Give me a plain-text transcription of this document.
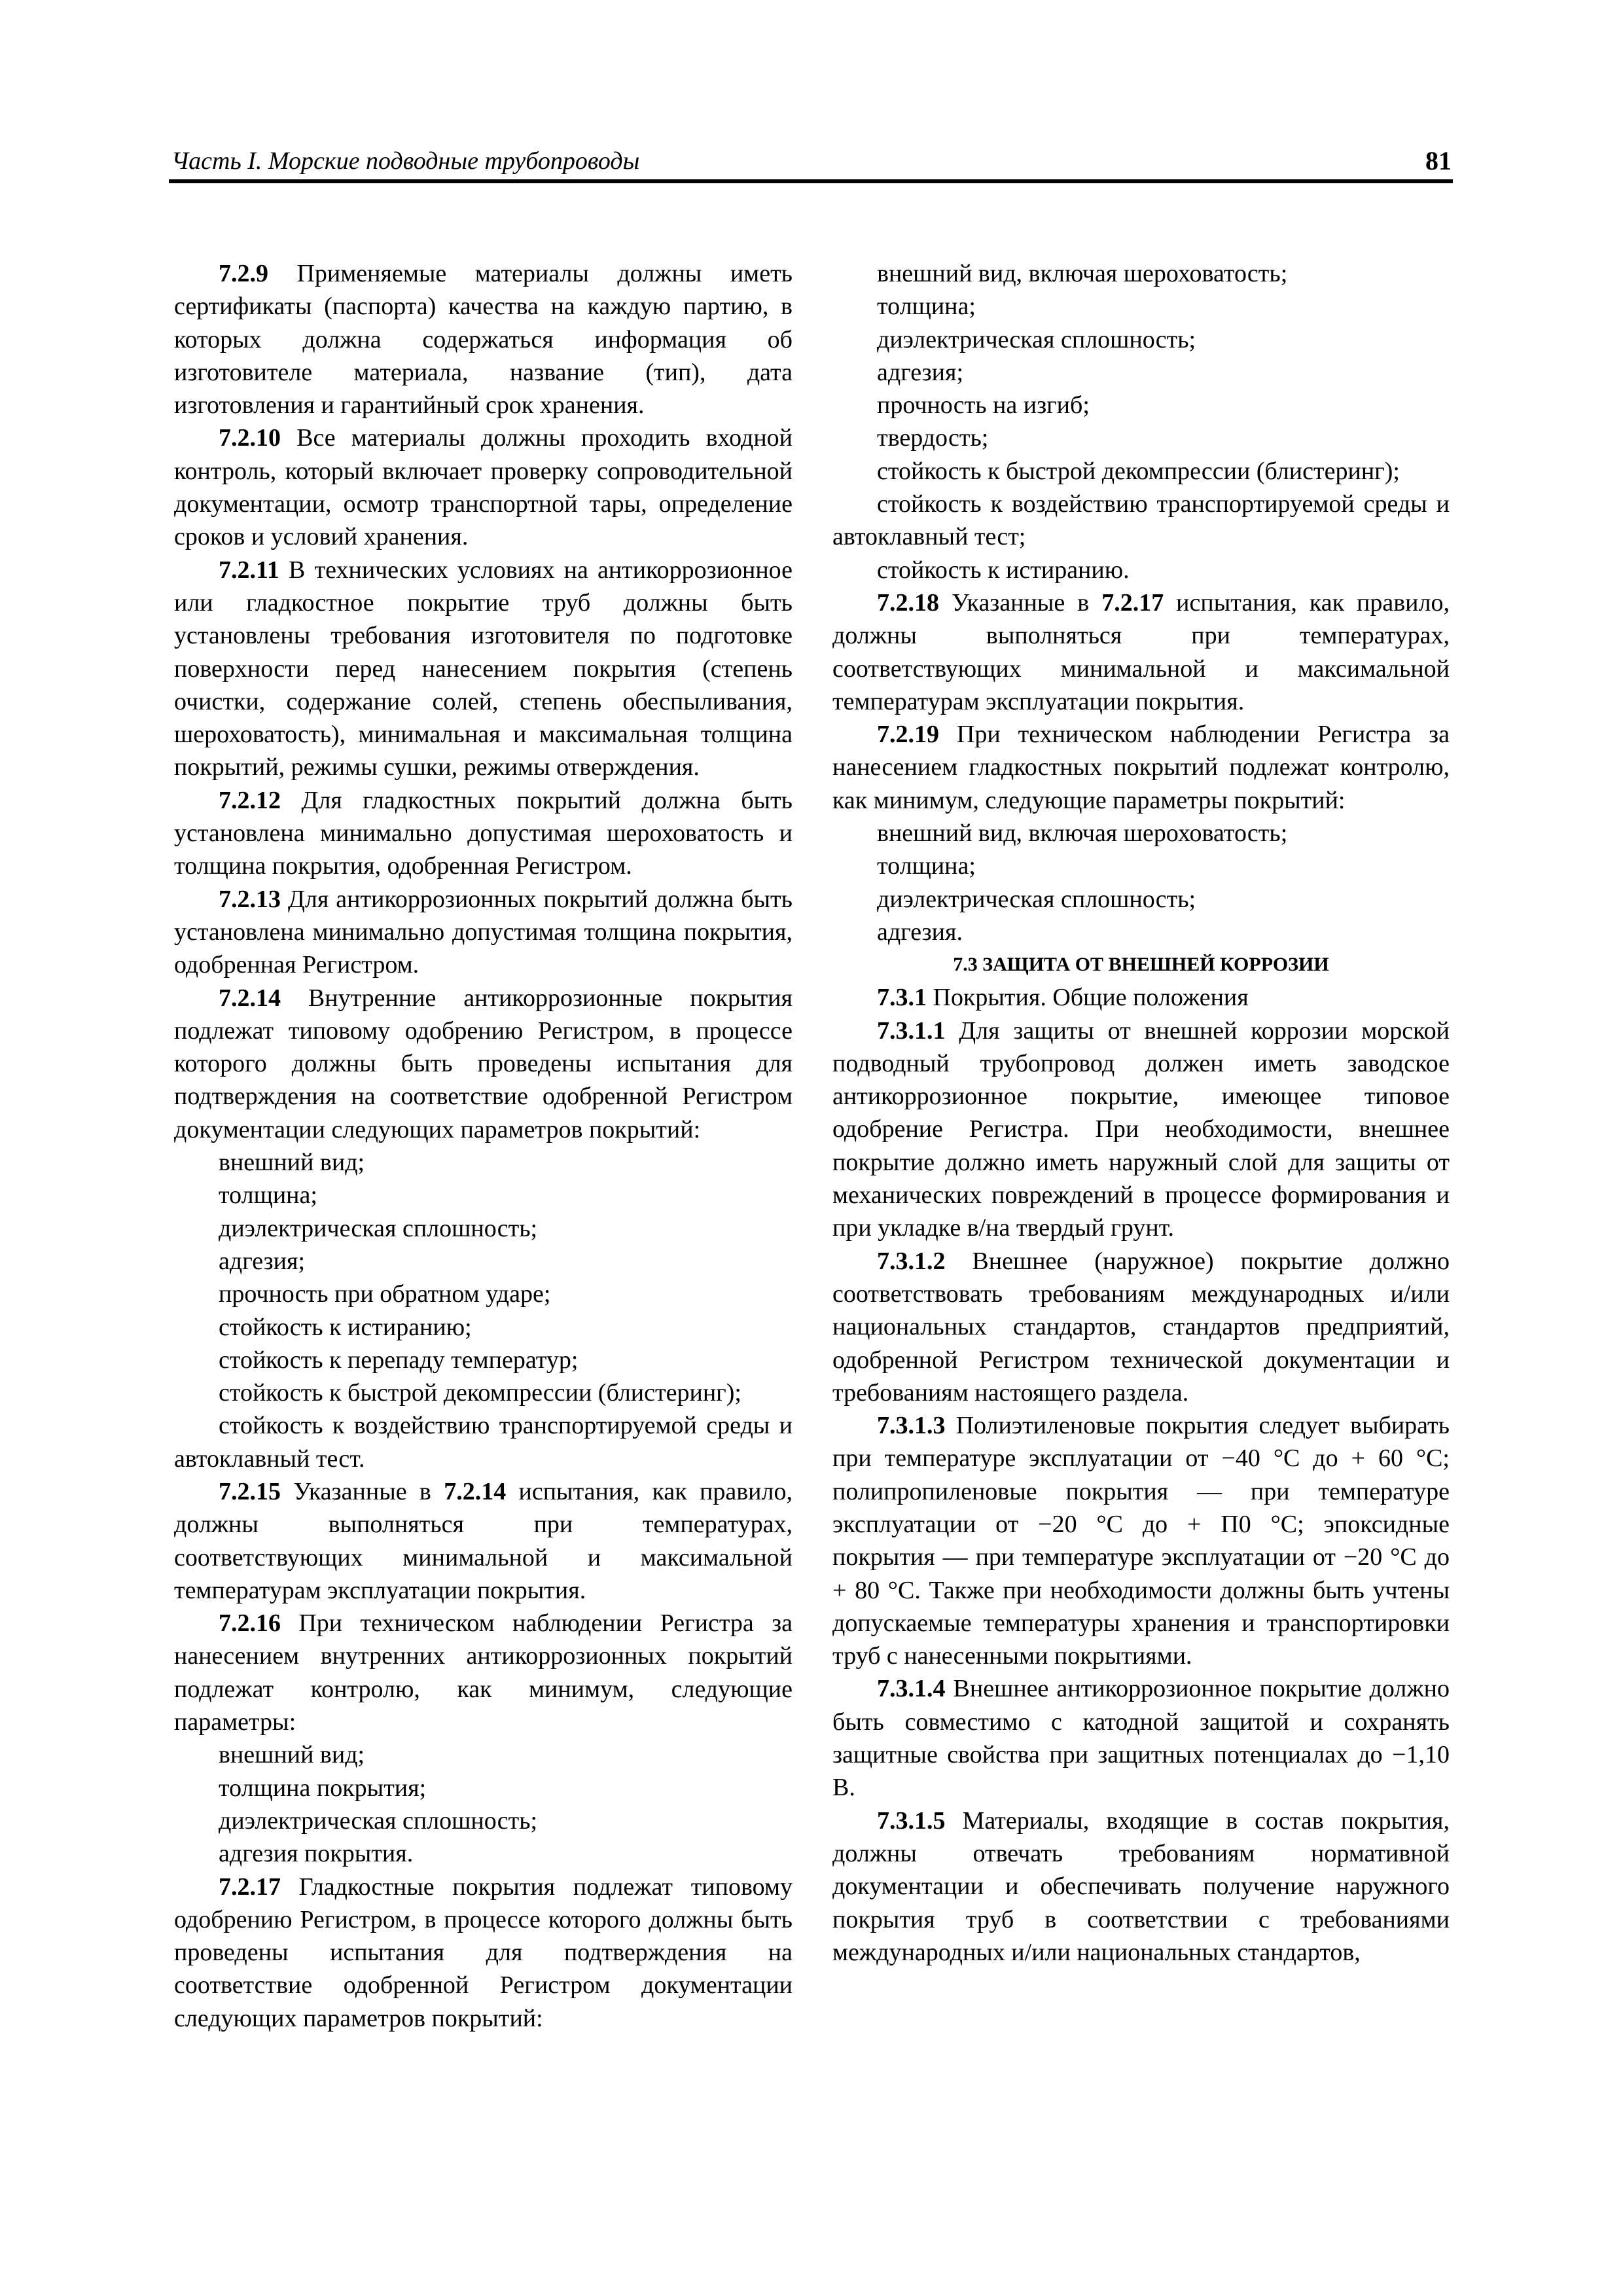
Часть I. Морские подводные трубопроводы	81

7.2.9 Применяемые материалы должны иметь сертификаты (паспорта) качества на каждую партию, в которых должна содержаться информация об изготовителе материала, название (тип), дата изготовления и гарантийный срок хранения.

7.2.10 Все материалы должны проходить входной контроль, который включает проверку сопроводительной документации, осмотр транспортной тары, определение сроков и условий хранения.

7.2.11 В технических условиях на антикоррозионное или гладкостное покрытие труб должны быть установлены требования изготовителя по подготовке поверхности перед нанесением покрытия (степень очистки, содержание солей, степень обеспыливания, шероховатость), минимальная и максимальная толщина покрытий, режимы сушки, режимы отверждения.

7.2.12 Для гладкостных покрытий должна быть установлена минимально допустимая шероховатость и толщина покрытия, одобренная Регистром.

7.2.13 Для антикоррозионных покрытий должна быть установлена минимально допустимая толщина покрытия, одобренная Регистром.

7.2.14 Внутренние антикоррозионные покрытия подлежат типовому одобрению Регистром, в процессе которого должны быть проведены испытания для подтверждения на соответствие одобренной Регистром документации следующих параметров покрытий:

внешний вид;

толщина;

диэлектрическая сплошность;

адгезия;

прочность при обратном ударе;

стойкость к истиранию;

стойкость к перепаду температур;

стойкость к быстрой декомпрессии (блистеринг);

стойкость к воздействию транспортируемой среды и автоклавный тест.

7.2.15 Указанные в 7.2.14 испытания, как правило, должны выполняться при температурах, соответствующих минимальной и максимальной температурам эксплуатации покрытия.

7.2.16 При техническом наблюдении Регистра за нанесением внутренних антикоррозионных покрытий подлежат контролю, как минимум, следующие параметры:

внешний вид;

толщина покрытия;

диэлектрическая сплошность;

адгезия покрытия.

7.2.17 Гладкостные покрытия подлежат типовому одобрению Регистром, в процессе которого должны быть проведены испытания для подтверждения на соответствие одобренной Регистром документации следующих параметров покрытий:

внешний вид, включая шероховатость;

толщина;

диэлектрическая сплошность;

адгезия;

прочность на изгиб;

твердость;

стойкость к быстрой декомпрессии (блистеринг);

стойкость к воздействию транспортируемой среды и автоклавный тест;

стойкость к истиранию.

7.2.18 Указанные в 7.2.17 испытания, как правило, должны выполняться при температурах, соответствующих минимальной и максимальной температурам эксплуатации покрытия.

7.2.19 При техническом наблюдении Регистра за нанесением гладкостных покрытий подлежат контролю, как минимум, следующие параметры покрытий:

внешний вид, включая шероховатость;

толщина;

диэлектрическая сплошность;

адгезия.

7.3 ЗАЩИТА ОТ ВНЕШНЕЙ КОРРОЗИИ

7.3.1 Покрытия. Общие положения

7.3.1.1 Для защиты от внешней коррозии морской подводный трубопровод должен иметь заводское антикоррозионное покрытие, имеющее типовое одобрение Регистра. При необходимости, внешнее покрытие должно иметь наружный слой для защиты от механических повреждений в процессе формирования и при укладке в/на твердый грунт.

7.3.1.2 Внешнее (наружное) покрытие должно соответствовать требованиям международных и/или национальных стандартов, стандартов предприятий, одобренной Регистром технической документации и требованиям настоящего раздела.

7.3.1.3 Полиэтиленовые покрытия следует выбирать при температуре эксплуатации от −40 °С до + 60 °С; полипропиленовые покрытия — при температуре эксплуатации от −20 °С до + П0 °С; эпоксидные покрытия — при температуре эксплуатации от −20 °С до + 80 °С. Также при необходимости должны быть учтены допускаемые температуры хранения и транспортировки труб с нанесенными покрытиями.

7.3.1.4 Внешнее антикоррозионное покрытие должно быть совместимо с катодной защитой и сохранять защитные свойства при защитных потенциалах до −1,10 В.

7.3.1.5 Материалы, входящие в состав покрытия, должны отвечать требованиям нормативной документации и обеспечивать получение наружного покрытия труб в соответствии с требованиями международных и/или национальных стандартов,
